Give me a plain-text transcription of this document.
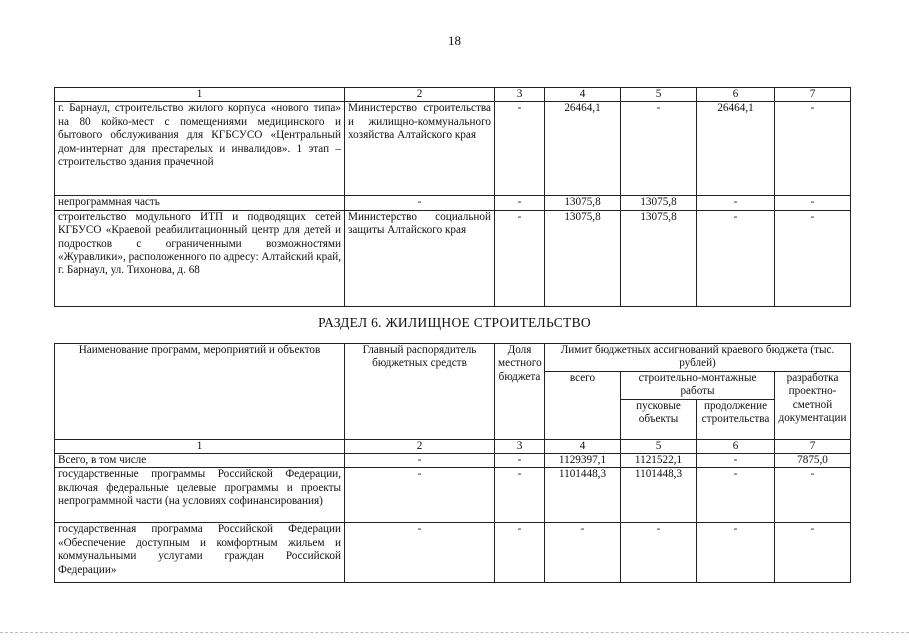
18
1	2	3	4	5	6	7
г. Барнаул, строительство жилого корпуса «нового типа» на 80 койко-мест с помещениями медицинского и бытового обслуживания для КГБСУСО «Центральный дом-интернат для престарелых и инвалидов». 1 этап – строительство здания прачечной	Министерство строительства и жилищно-коммунального хозяйства Алтайского края	-	26464,1	-	26464,1	-
непрограммная часть	-	-	13075,8	13075,8	-	-
строительство модульного ИТП и подводящих сетей КГБУСО «Краевой реабилитационный центр для детей и подростков с ограниченными возможностями «Журавлики», расположенного по адресу: Алтайский край, г. Барнаул, ул. Тихонова, д. 68	Министерство социальной защиты Алтайского края	-	13075,8	13075,8	-	-
РАЗДЕЛ 6. ЖИЛИЩНОЕ СТРОИТЕЛЬСТВО
Наименование программ, мероприятий и объектов	Главный распорядитель бюджетных средств	Доля местного бюджета	Лимит бюджетных ассигнований краевого бюджета (тыс. рублей)			
			всего	строительно-монтажные работы		разработка проектно-сметной документации
				пусковые объекты	продолжение строительства	
1	2	3	4	5	6	7
Всего, в том числе	-	-	1129397,1	1121522,1	-	7875,0
государственные программы Российской Федерации, включая федеральные целевые программы и проекты непрограммной части (на условиях софинансирования)	-	-	1101448,3	1101448,3	-	-
государственная программа Российской Федерации «Обеспечение доступным и комфортным жильем и коммунальными услугами граждан Российской Федерации»	-	-	-	-	-	-
